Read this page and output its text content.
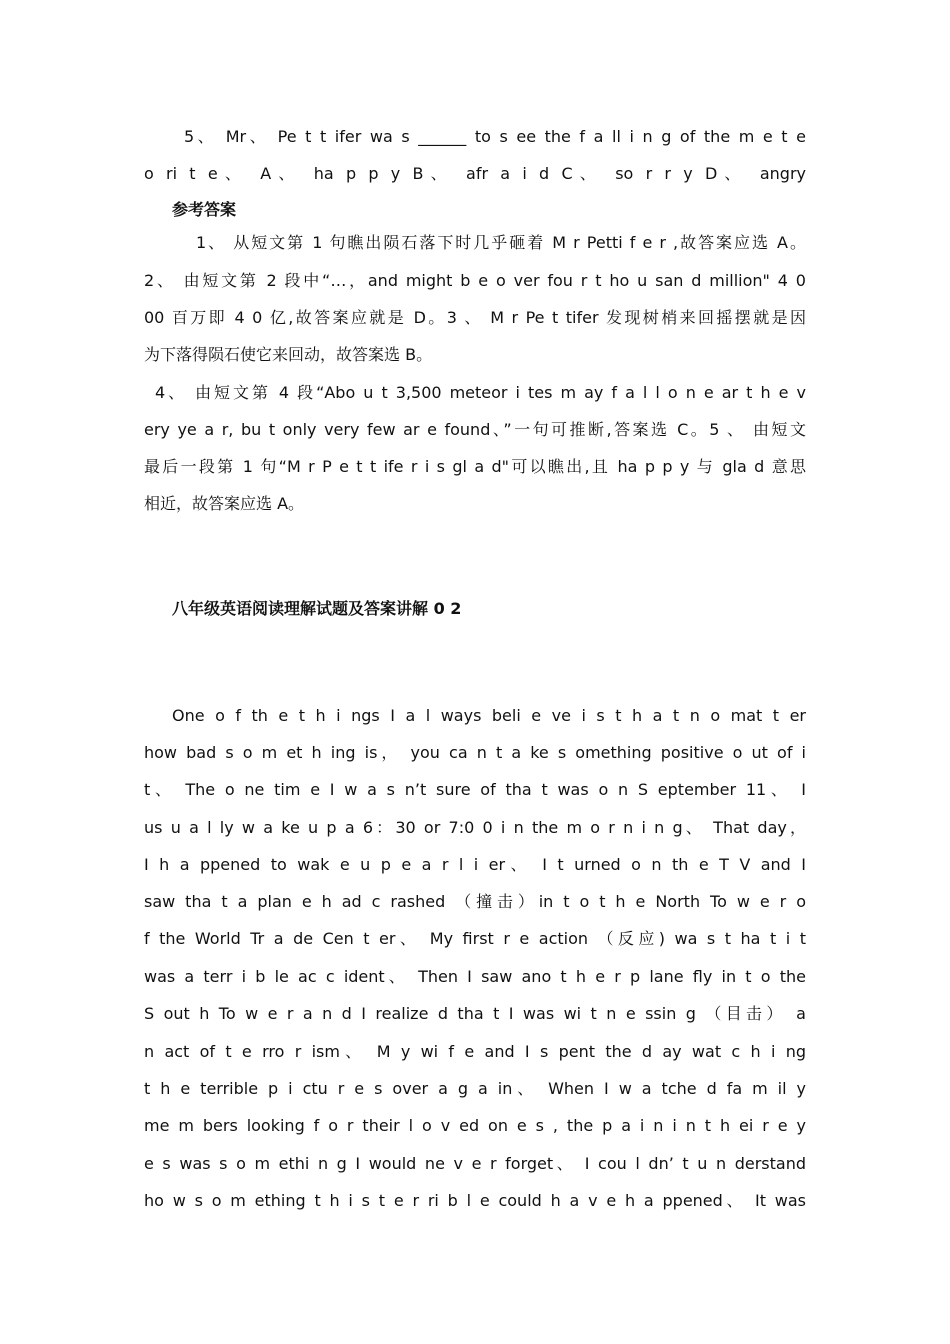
5、 Mr、 Pe t t ifer wa s ______ to s ee the f a ll i n g of the m e t e
o ri t e、 A、 ha p p y B、 afr a i d C、 so r r y D、 angry
参考答案
1、 从短文第 1 句瞧出陨石落下时几乎砸着 M r Petti f e r ,故答案应选 A。
2、 由短文第 2 段中“…，and might b e o ver fou r t ho u san d million" 4 0
00 百万即 4 0 亿,故答案应就是 D。3 、 M r Pe t tifer 发现树梢来回摇摆就是因
为下落得陨石使它来回动，故答案选 B。
4、 由短文第 4 段“Abo u t 3,500 meteor i tes m ay f a l l o n e ar t h e v
ery ye a r, bu t only very few ar e found、”一句可推断,答案选 C。5 、 由短文
最后一段第 1 句“M r P e t t ife r i s gl a d"可以瞧出,且 ha p p y 与 gla d 意思
相近，故答案应选 A。
八年级英语阅读理解试题及答案讲解 0 2
One o f th e t h i ngs I a l ways beli e ve i s t h a t n o mat t er
how bad s o m et h ing is， you ca n t a ke s omething positive o ut of i
t、 The o ne tim e I w a s n’t sure of tha t was o n S eptember 11、 I
us u a l ly w a ke u p a 6：30 or 7:0 0 i n the m o r n i n g、 That day，
I h a ppened to wak e u p e a r l i er、 I t urned o n th e T V and I
saw tha t a plan e h ad c rashed （撞击）in t o t h e North To w e r o
f the World Tr a de Cen t er、 My first r e action （反应) wa s t ha t i t
was a terr i b le ac c ident、 Then I saw ano t h e r p lane fly in t o the
S out h To w e r a n d I realize d tha t I was wi t n e ssin g （目击） a
n act of t e rro r ism、 M y wi f e and I s pent the d ay wat c h i ng
t h e terrible p i ctu r e s over a g a in、 When I w a tche d fa m il y
me m bers looking f o r their l o v ed on e s , the p a i n i n t h ei r e y
e s was s o m ethi n g I would ne v e r forget、 I cou l dn’ t u n derstand
ho w s o m ething t h i s t e r ri b l e could h a v e h a ppened、 It was
